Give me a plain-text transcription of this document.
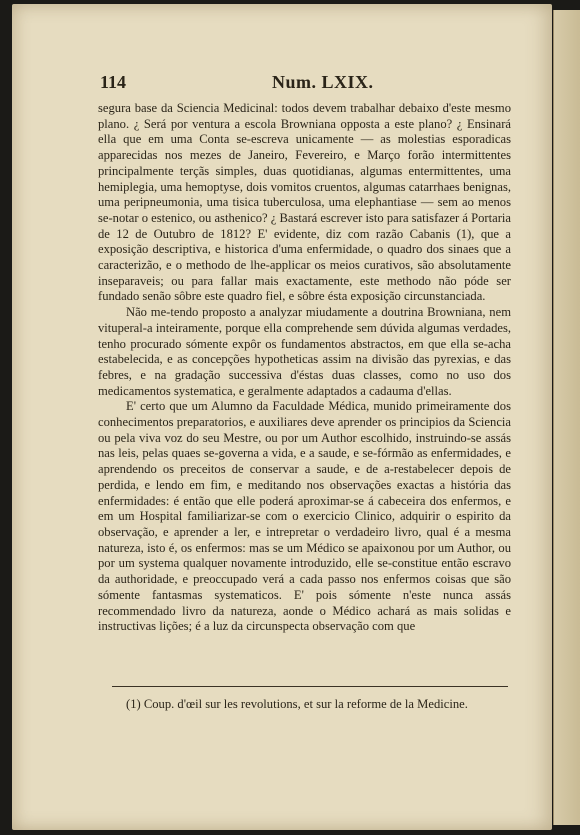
114	Num. LXIX.

segura base da Sciencia Medicinal: todos devem trabalhar debaixo d'este mesmo plano. ¿ Será por ventura a escola Browniana opposta a este plano? ¿ Ensinará ella que em uma Conta se-escreva unicamente — as molestias esporadicas apparecidas nos mezes de Janeiro, Fevereiro, e Março forão intermittentes principalmente terçãs simples, duas quotidianas, algumas entermittentes, uma hemiplegia, uma hemoptyse, dois vomitos cruentos, algumas catarrhaes benignas, uma peripneumonia, uma tisica tuberculosa, uma elephantiase — sem ao menos se-notar o estenico, ou asthenico? ¿ Bastará escrever isto para satisfazer á Portaria de 12 de Outubro de 1812? E' evidente, diz com razão Cabanis (1), que a exposição descriptiva, e historica d'uma enfermidade, o quadro dos sinaes que a caracterizão, e o methodo de lhe-applicar os meios curativos, são absolutamente inseparaveis; ou para fallar mais exactamente, este methodo não póde ser fundado senão sôbre este quadro fiel, e sôbre ésta exposição circunstanciada.

Não me-tendo proposto a analyzar miudamente a doutrina Browniana, nem vituperal-a inteiramente, porque ella comprehende sem dúvida algumas verdades, tenho procurado sómente expôr os fundamentos abstractos, em que ella se-acha estabelecida, e as concepções hypotheticas assim na divisão das pyrexias, e das febres, e na gradação successiva d'éstas duas classes, como no uso dos medicamentos systematica, e geralmente adaptados a cadauma d'ellas.

E' certo que um Alumno da Faculdade Médica, munido primeiramente dos conhecimentos preparatorios, e auxiliares deve aprender os principios da Sciencia ou pela viva voz do seu Mestre, ou por um Author escolhido, instruindo-se assás nas leis, pelas quaes se-governa a vida, e a saude, e se-fórmão as enfermidades, e aprendendo os preceitos de conservar a saude, e de a-restabelecer depois de perdida, e lendo em fim, e meditando nos observações exactas a história das enfermidades: é então que elle poderá aproximar-se á cabeceira dos enfermos, e em um Hospital familiarizar-se com o exercicio Clinico, adquirir o espirito da observação, e aprender a ler, e intrepretar o verdadeiro livro, qual é a mesma natureza, isto é, os enfermos: mas se um Médico se apaixonou por um Author, ou por um systema qualquer novamente introduzido, elle se-constitue então escravo da authoridade, e preoccupado verá a cada passo nos enfermos coisas que são sómente fantasmas systematicos. E' pois sómente n'este nunca assás recommendado livro da natureza, aonde o Médico achará as mais solidas e instructivas lições; é a luz da circunspecta observação com que

(1) Coup. d'œil sur les revolutions, et sur la reforme de la Medicine.
